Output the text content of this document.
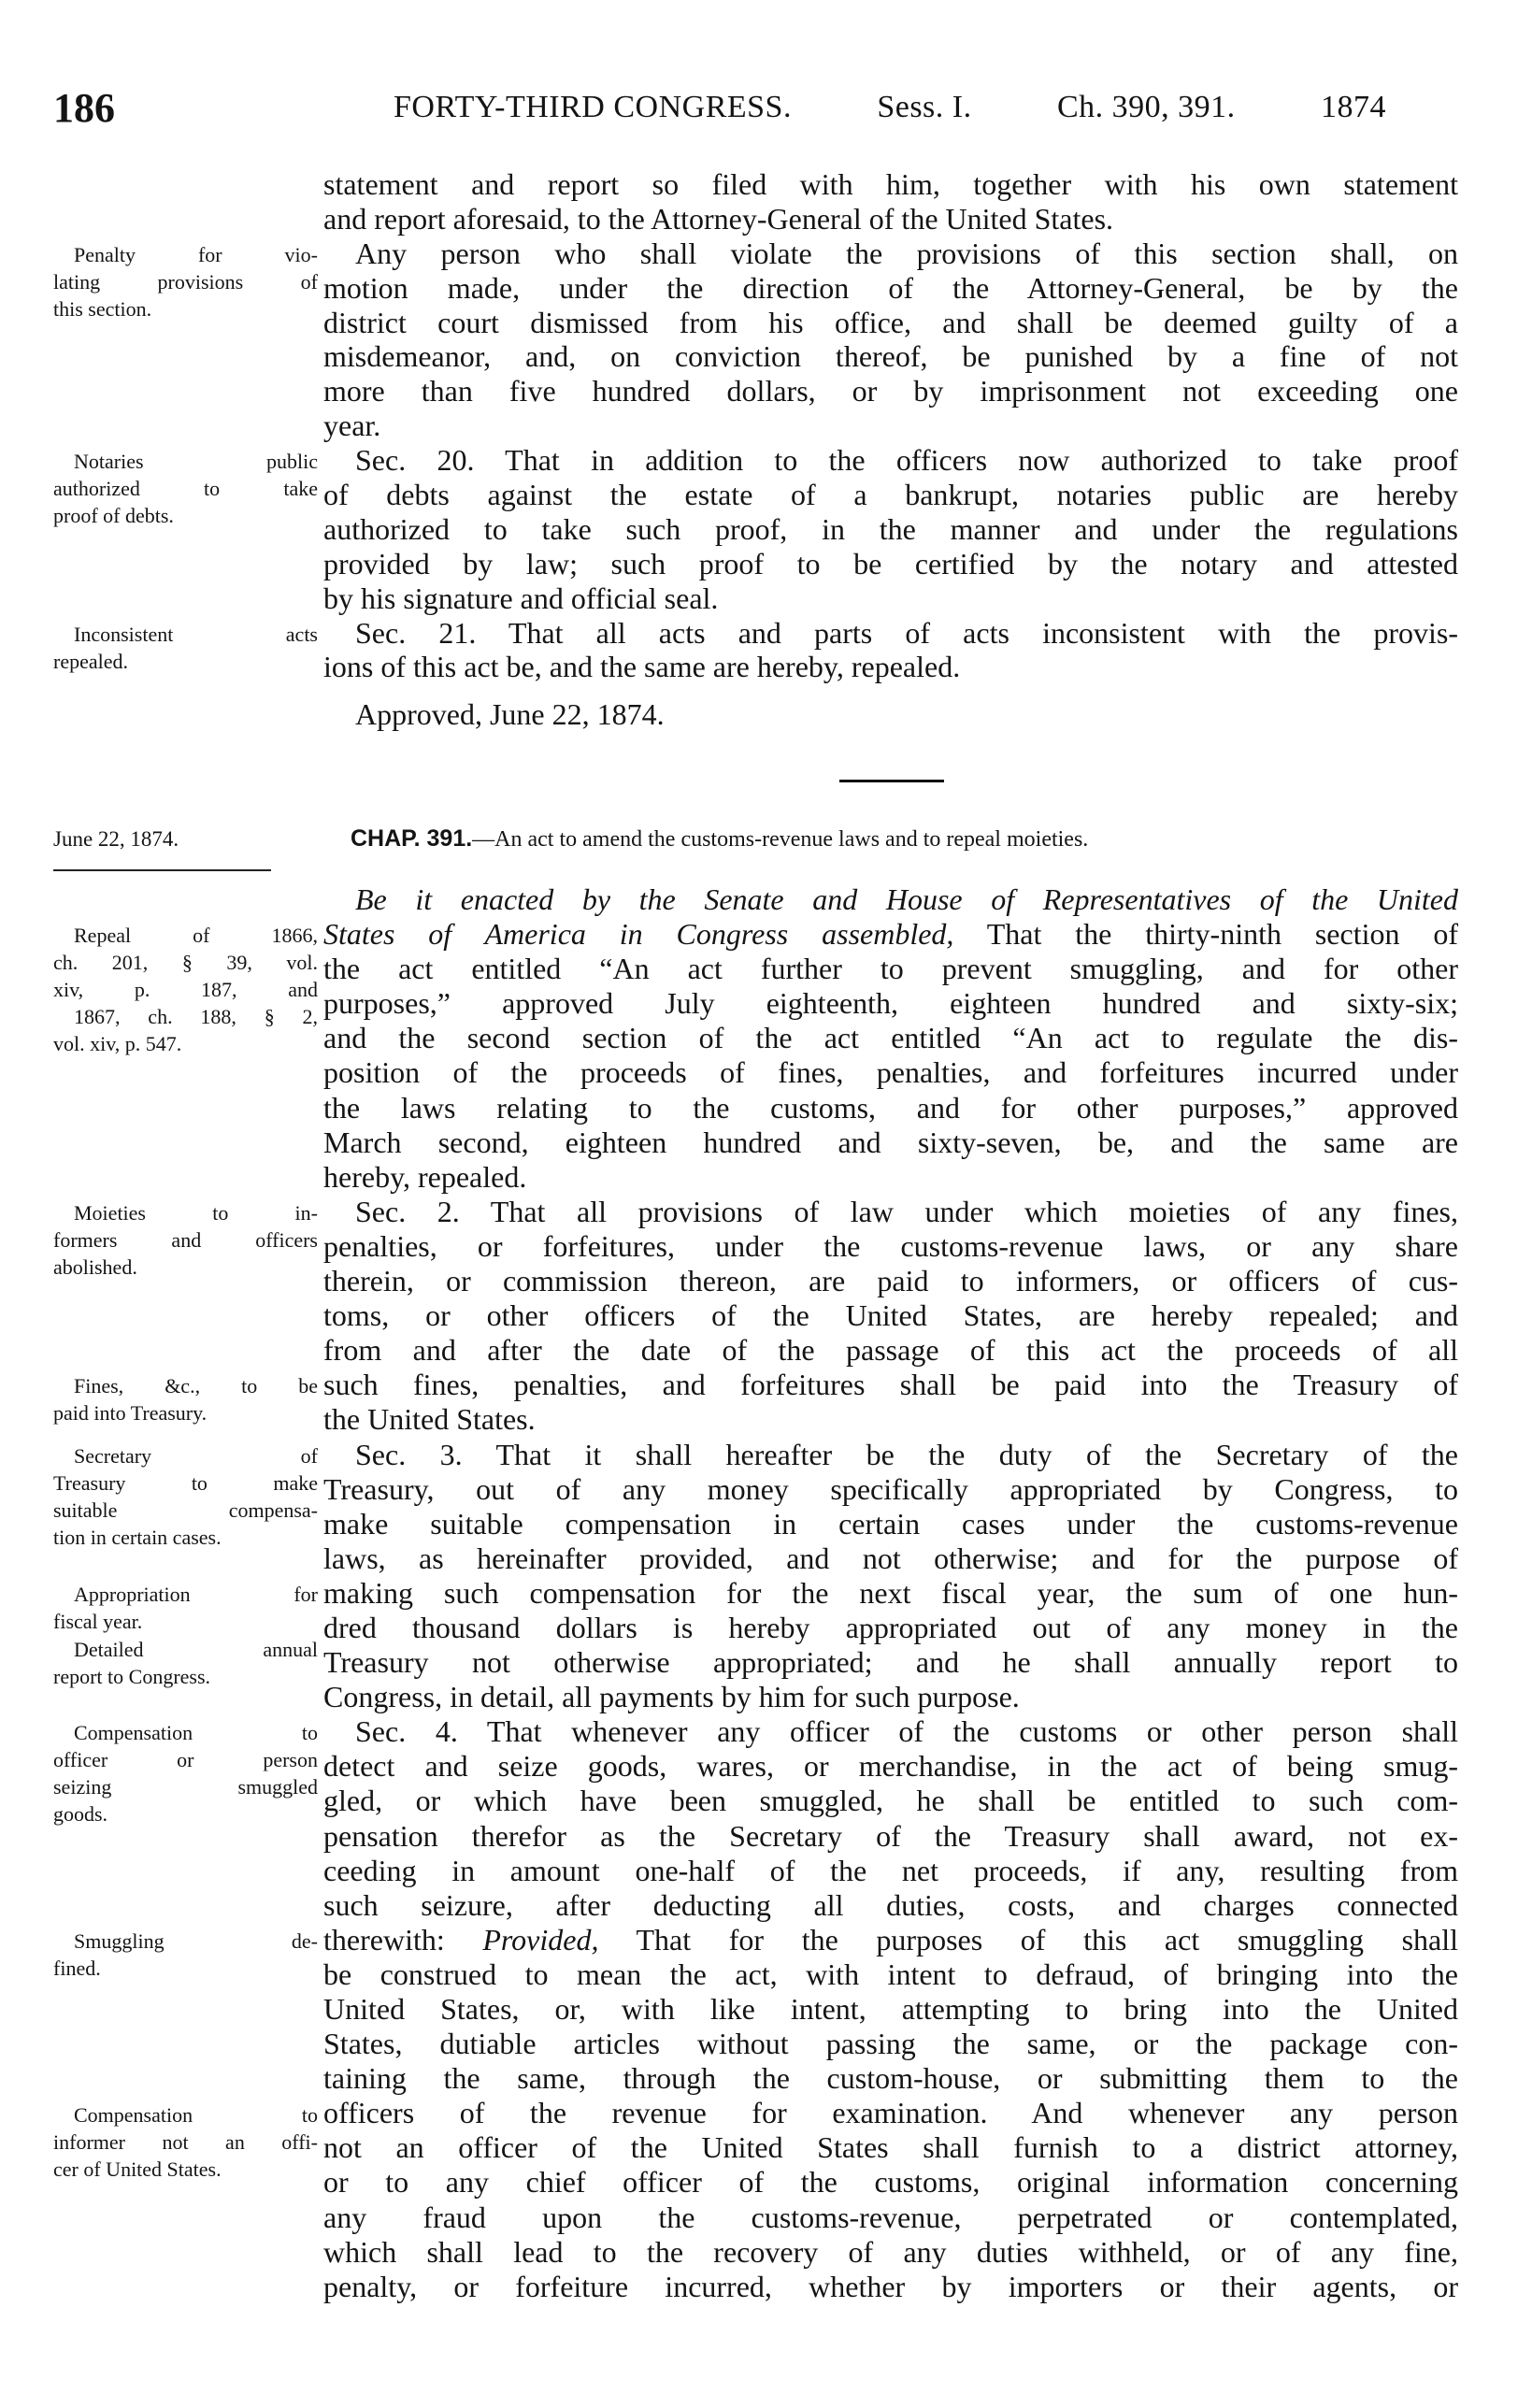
186	FORTY-THIRD CONGRESS.	Sess. I.	Ch. 390, 391.	1874
statement and report so filed with him, together with his own statement
and report aforesaid, to the Attorney-General of the United States.
Any person who shall violate the provisions of this section shall, on
motion made, under the direction of the Attorney-General, be by the
district court dismissed from his office, and shall be deemed guilty of a
misdemeanor, and, on conviction thereof, be punished by a fine of not
more than five hundred dollars, or by imprisonment not exceeding one
year.
Sec. 20. That in addition to the officers now authorized to take proof
of debts against the estate of a bankrupt, notaries public are hereby
authorized to take such proof, in the manner and under the regulations
provided by law; such proof to be certified by the notary and attested
by his signature and official seal.
Sec. 21. That all acts and parts of acts inconsistent with the provis-
ions of this act be, and the same are hereby, repealed.
Penalty for vio-
lating provisions of
this section.
Notaries public
authorized to take
proof of debts.
Inconsistent acts
repealed.
Approved, June 22, 1874.
June 22, 1874.	CHAP. 391.—An act to amend the customs-revenue laws and to repeal moieties.
Be it enacted by the Senate and House of Representatives of the United
States of America in Congress assembled, That the thirty-ninth section of
the act entitled “An act further to prevent smuggling, and for other
purposes,” approved July eighteenth, eighteen hundred and sixty-six;
and the second section of the act entitled “An act to regulate the dis-
position of the proceeds of fines, penalties, and forfeitures incurred under
the laws relating to the customs, and for other purposes,” approved
March second, eighteen hundred and sixty-seven, be, and the same are
hereby, repealed.
Sec. 2. That all provisions of law under which moieties of any fines,
penalties, or forfeitures, under the customs-revenue laws, or any share
therein, or commission thereon, are paid to informers, or officers of cus-
toms, or other officers of the United States, are hereby repealed; and
from and after the date of the passage of this act the proceeds of all
such fines, penalties, and forfeitures shall be paid into the Treasury of
the United States.
Sec. 3. That it shall hereafter be the duty of the Secretary of the
Treasury, out of any money specifically appropriated by Congress, to
make suitable compensation in certain cases under the customs-revenue
laws, as hereinafter provided, and not otherwise; and for the purpose of
making such compensation for the next fiscal year, the sum of one hun-
dred thousand dollars is hereby appropriated out of any money in the
Treasury not otherwise appropriated; and he shall annually report to
Congress, in detail, all payments by him for such purpose.
Sec. 4. That whenever any officer of the customs or other person shall
detect and seize goods, wares, or merchandise, in the act of being smug-
gled, or which have been smuggled, he shall be entitled to such com-
pensation therefor as the Secretary of the Treasury shall award, not ex-
ceeding in amount one-half of the net proceeds, if any, resulting from
such seizure, after deducting all duties, costs, and charges connected
therewith: Provided, That for the purposes of this act smuggling shall
be construed to mean the act, with intent to defraud, of bringing into the
United States, or, with like intent, attempting to bring into the United
States, dutiable articles without passing the same, or the package con-
taining the same, through the custom-house, or submitting them to the
officers of the revenue for examination. And whenever any person
not an officer of the United States shall furnish to a district attorney,
or to any chief officer of the customs, original information concerning
any fraud upon the customs-revenue, perpetrated or contemplated,
which shall lead to the recovery of any duties withheld, or of any fine,
penalty, or forfeiture incurred, whether by importers or their agents, or
Repeal of 1866,
ch. 201, § 39, vol.
xiv, p. 187, and
1867, ch. 188, § 2,
vol. xiv, p. 547.
Moieties to in-
formers and officers
abolished.
Fines, &c., to be
paid into Treasury.
Secretary of
Treasury to make
suitable compensa-
tion in certain cases.
Appropriation for
fiscal year.
Detailed annual
report to Congress.
Compensation to
officer or person
seizing smuggled
goods.
Smuggling de-
fined.
Compensation to
informer not an offi-
cer of United States.
